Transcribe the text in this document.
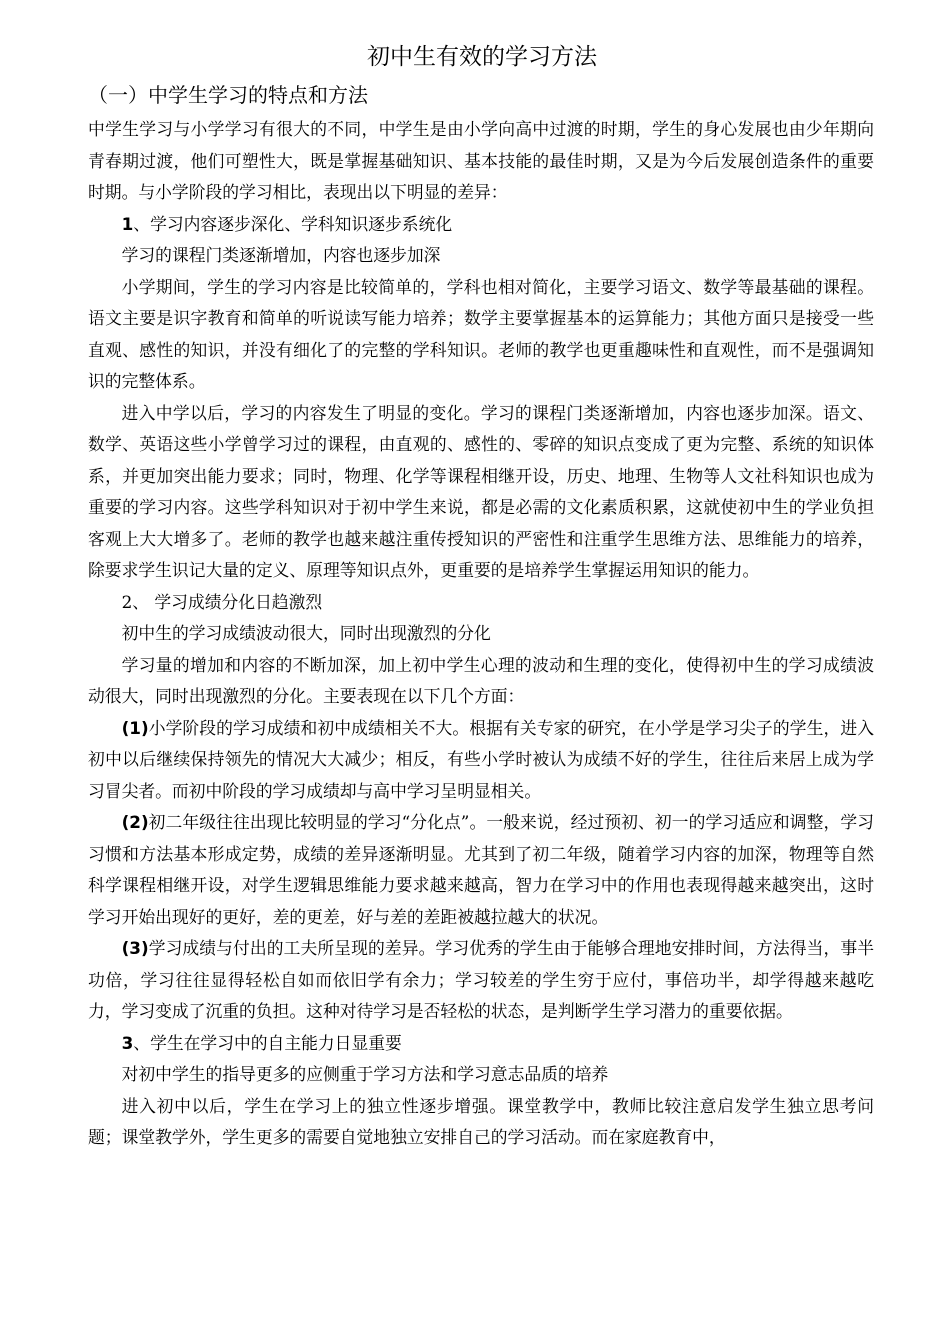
初中生有效的学习方法
（一）中学生学习的特点和方法

中学生学习与小学学习有很大的不同，中学生是由小学向高中过渡的时期，学生的身心发展也由少年期向青春期过渡，他们可塑性大，既是掌握基础知识、基本技能的最佳时期，又是为今后发展创造条件的重要时期。与小学阶段的学习相比，表现出以下明显的差异：

1、学习内容逐步深化、学科知识逐步系统化

学习的课程门类逐渐增加，内容也逐步加深

小学期间，学生的学习内容是比较简单的，学科也相对简化，主要学习语文、数学等最基础的课程。语文主要是识字教育和简单的听说读写能力培养；数学主要掌握基本的运算能力；其他方面只是接受一些直观、感性的知识，并没有细化了的完整的学科知识。老师的教学也更重趣味性和直观性，而不是强调知识的完整体系。

进入中学以后，学习的内容发生了明显的变化。学习的课程门类逐渐增加，内容也逐步加深。语文、数学、英语这些小学曾学习过的课程，由直观的、感性的、零碎的知识点变成了更为完整、系统的知识体系，并更加突出能力要求；同时，物理、化学等课程相继开设，历史、地理、生物等人文社科知识也成为重要的学习内容。这些学科知识对于初中学生来说，都是必需的文化素质积累，这就使初中生的学业负担客观上大大增多了。老师的教学也越来越注重传授知识的严密性和注重学生思维方法、思维能力的培养，除要求学生识记大量的定义、原理等知识点外，更重要的是培养学生掌握运用知识的能力。

2、 学习成绩分化日趋激烈

初中生的学习成绩波动很大，同时出现激烈的分化

学习量的增加和内容的不断加深，加上初中学生心理的波动和生理的变化，使得初中生的学习成绩波动很大，同时出现激烈的分化。主要表现在以下几个方面：

(1)小学阶段的学习成绩和初中成绩相关不大。根据有关专家的研究，在小学是学习尖子的学生，进入初中以后继续保持领先的情况大大减少；相反，有些小学时被认为成绩不好的学生，往往后来居上成为学习冒尖者。而初中阶段的学习成绩却与高中学习呈明显相关。

(2)初二年级往往出现比较明显的学习“分化点”。一般来说，经过预初、初一的学习适应和调整，学习习惯和方法基本形成定势，成绩的差异逐渐明显。尤其到了初二年级，随着学习内容的加深，物理等自然科学课程相继开设，对学生逻辑思维能力要求越来越高，智力在学习中的作用也表现得越来越突出，这时学习开始出现好的更好，差的更差，好与差的差距被越拉越大的状况。

(3)学习成绩与付出的工夫所呈现的差异。学习优秀的学生由于能够合理地安排时间，方法得当，事半功倍，学习往往显得轻松自如而依旧学有余力；学习较差的学生穷于应付，事倍功半，却学得越来越吃力，学习变成了沉重的负担。这种对待学习是否轻松的状态，是判断学生学习潜力的重要依据。

3、学生在学习中的自主能力日显重要

对初中学生的指导更多的应侧重于学习方法和学习意志品质的培养

进入初中以后，学生在学习上的独立性逐步增强。课堂教学中，教师比较注意启发学生独立思考问题；课堂教学外，学生更多的需要自觉地独立安排自己的学习活动。而在家庭教育中，
